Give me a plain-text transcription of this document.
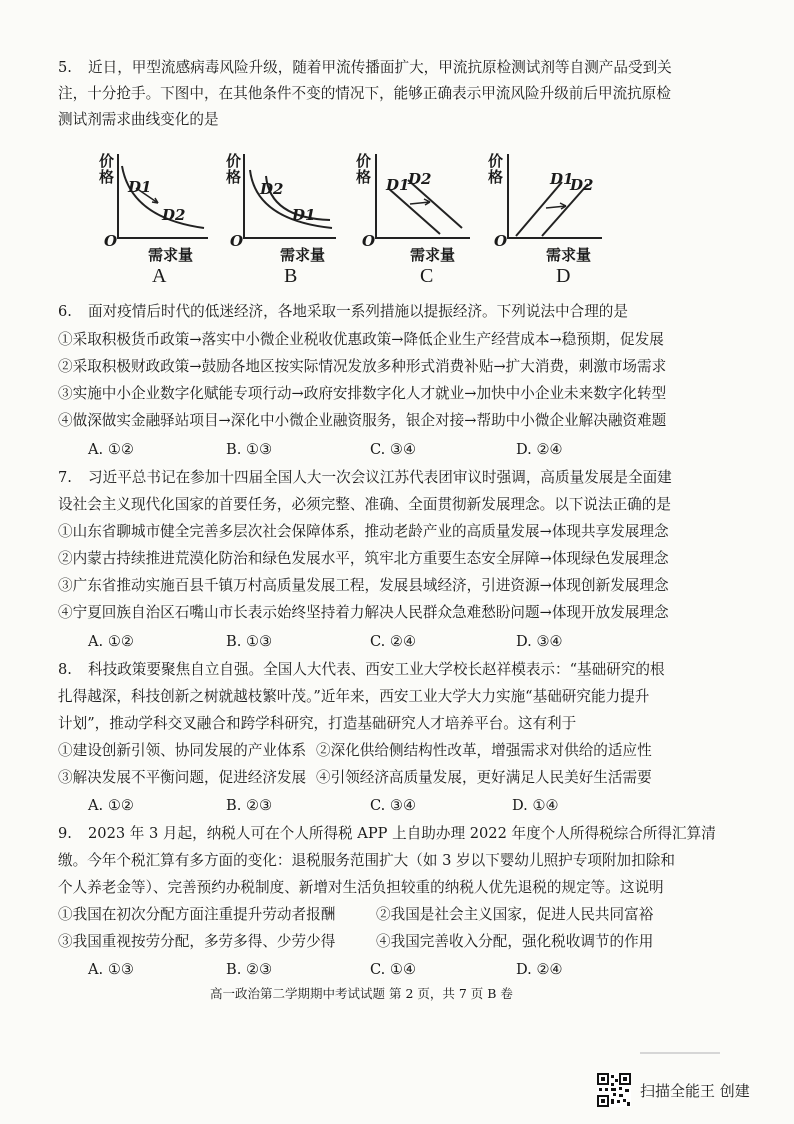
5. 近日，甲型流感病毒风险升级，随着甲流传播面扩大，甲流抗原检测试剂等自测产品受到关
注，十分抢手。下图中，在其他条件不变的情况下，能够正确表示甲流风险升级前后甲流抗原检
测试剂需求曲线变化的是
价格
D1
D2
O
需求量
A
价格
D2
D1
O
需求量
B
价格 D1
D2
O
需求量
C
价格	D1
D2
O
需求量
D
6. 面对疫情后时代的低迷经济，各地采取一系列措施以提振经济。下列说法中合理的是
①采取积极货币政策→落实中小微企业税收优惠政策→降低企业生产经营成本→稳预期，促发展
②采取积极财政政策→鼓励各地区按实际情况发放多种形式消费补贴→扩大消费，刺激市场需求
③实施中小企业数字化赋能专项行动→政府安排数字化人才就业→加快中小企业未来数字化转型
④做深做实金融驿站项目→深化中小微企业融资服务，银企对接→帮助中小微企业解决融资难题
A. ①②	B. ①③	C. ③④	D. ②④
7. 习近平总书记在参加十四届全国人大一次会议江苏代表团审议时强调，高质量发展是全面建
设社会主义现代化国家的首要任务，必须完整、准确、全面贯彻新发展理念。以下说法正确的是
①山东省聊城市健全完善多层次社会保障体系，推动老龄产业的高质量发展→体现共享发展理念
②内蒙古持续推进荒漠化防治和绿色发展水平，筑牢北方重要生态安全屏障→体现绿色发展理念
③广东省推动实施百县千镇万村高质量发展工程，发展县域经济，引进资源→体现创新发展理念
④宁夏回族自治区石嘴山市长表示始终坚持着力解决人民群众急难愁盼问题→体现开放发展理念
A. ①②	B. ①③	C. ②④	D. ③④
8. 科技政策要聚焦自立自强。全国人大代表、西安工业大学校长赵祥模表示：“基础研究的根
扎得越深，科技创新之树就越枝繁叶茂。”近年来，西安工业大学大力实施“基础研究能力提升
计划”，推动学科交叉融合和跨学科研究，打造基础研究人才培养平台。这有利于
①建设创新引领、协同发展的产业体系 ②深化供给侧结构性改革，增强需求对供给的适应性
③解决发展不平衡问题，促进经济发展 ④引领经济高质量发展，更好满足人民美好生活需要
A. ①②	B. ②③	C. ③④	D. ①④
9. 2023 年 3 月起，纳税人可在个人所得税 APP 上自助办理 2022 年度个人所得税综合所得汇算清
缴。今年个税汇算有多方面的变化：退税服务范围扩大（如 3 岁以下婴幼儿照护专项附加扣除和
个人养老金等）、完善预约办税制度、新增对生活负担较重的纳税人优先退税的规定等。这说明
①我国在初次分配方面注重提升劳动者报酬	②我国是社会主义国家，促进人民共同富裕
③我国重视按劳分配，多劳多得、少劳少得	④我国完善收入分配，强化税收调节的作用
A. ①③	B. ②③	C. ①④	D. ②④
高一政治第二学期期中考试试题 第 2 页，共 7 页 B 卷
扫描全能王 创建
